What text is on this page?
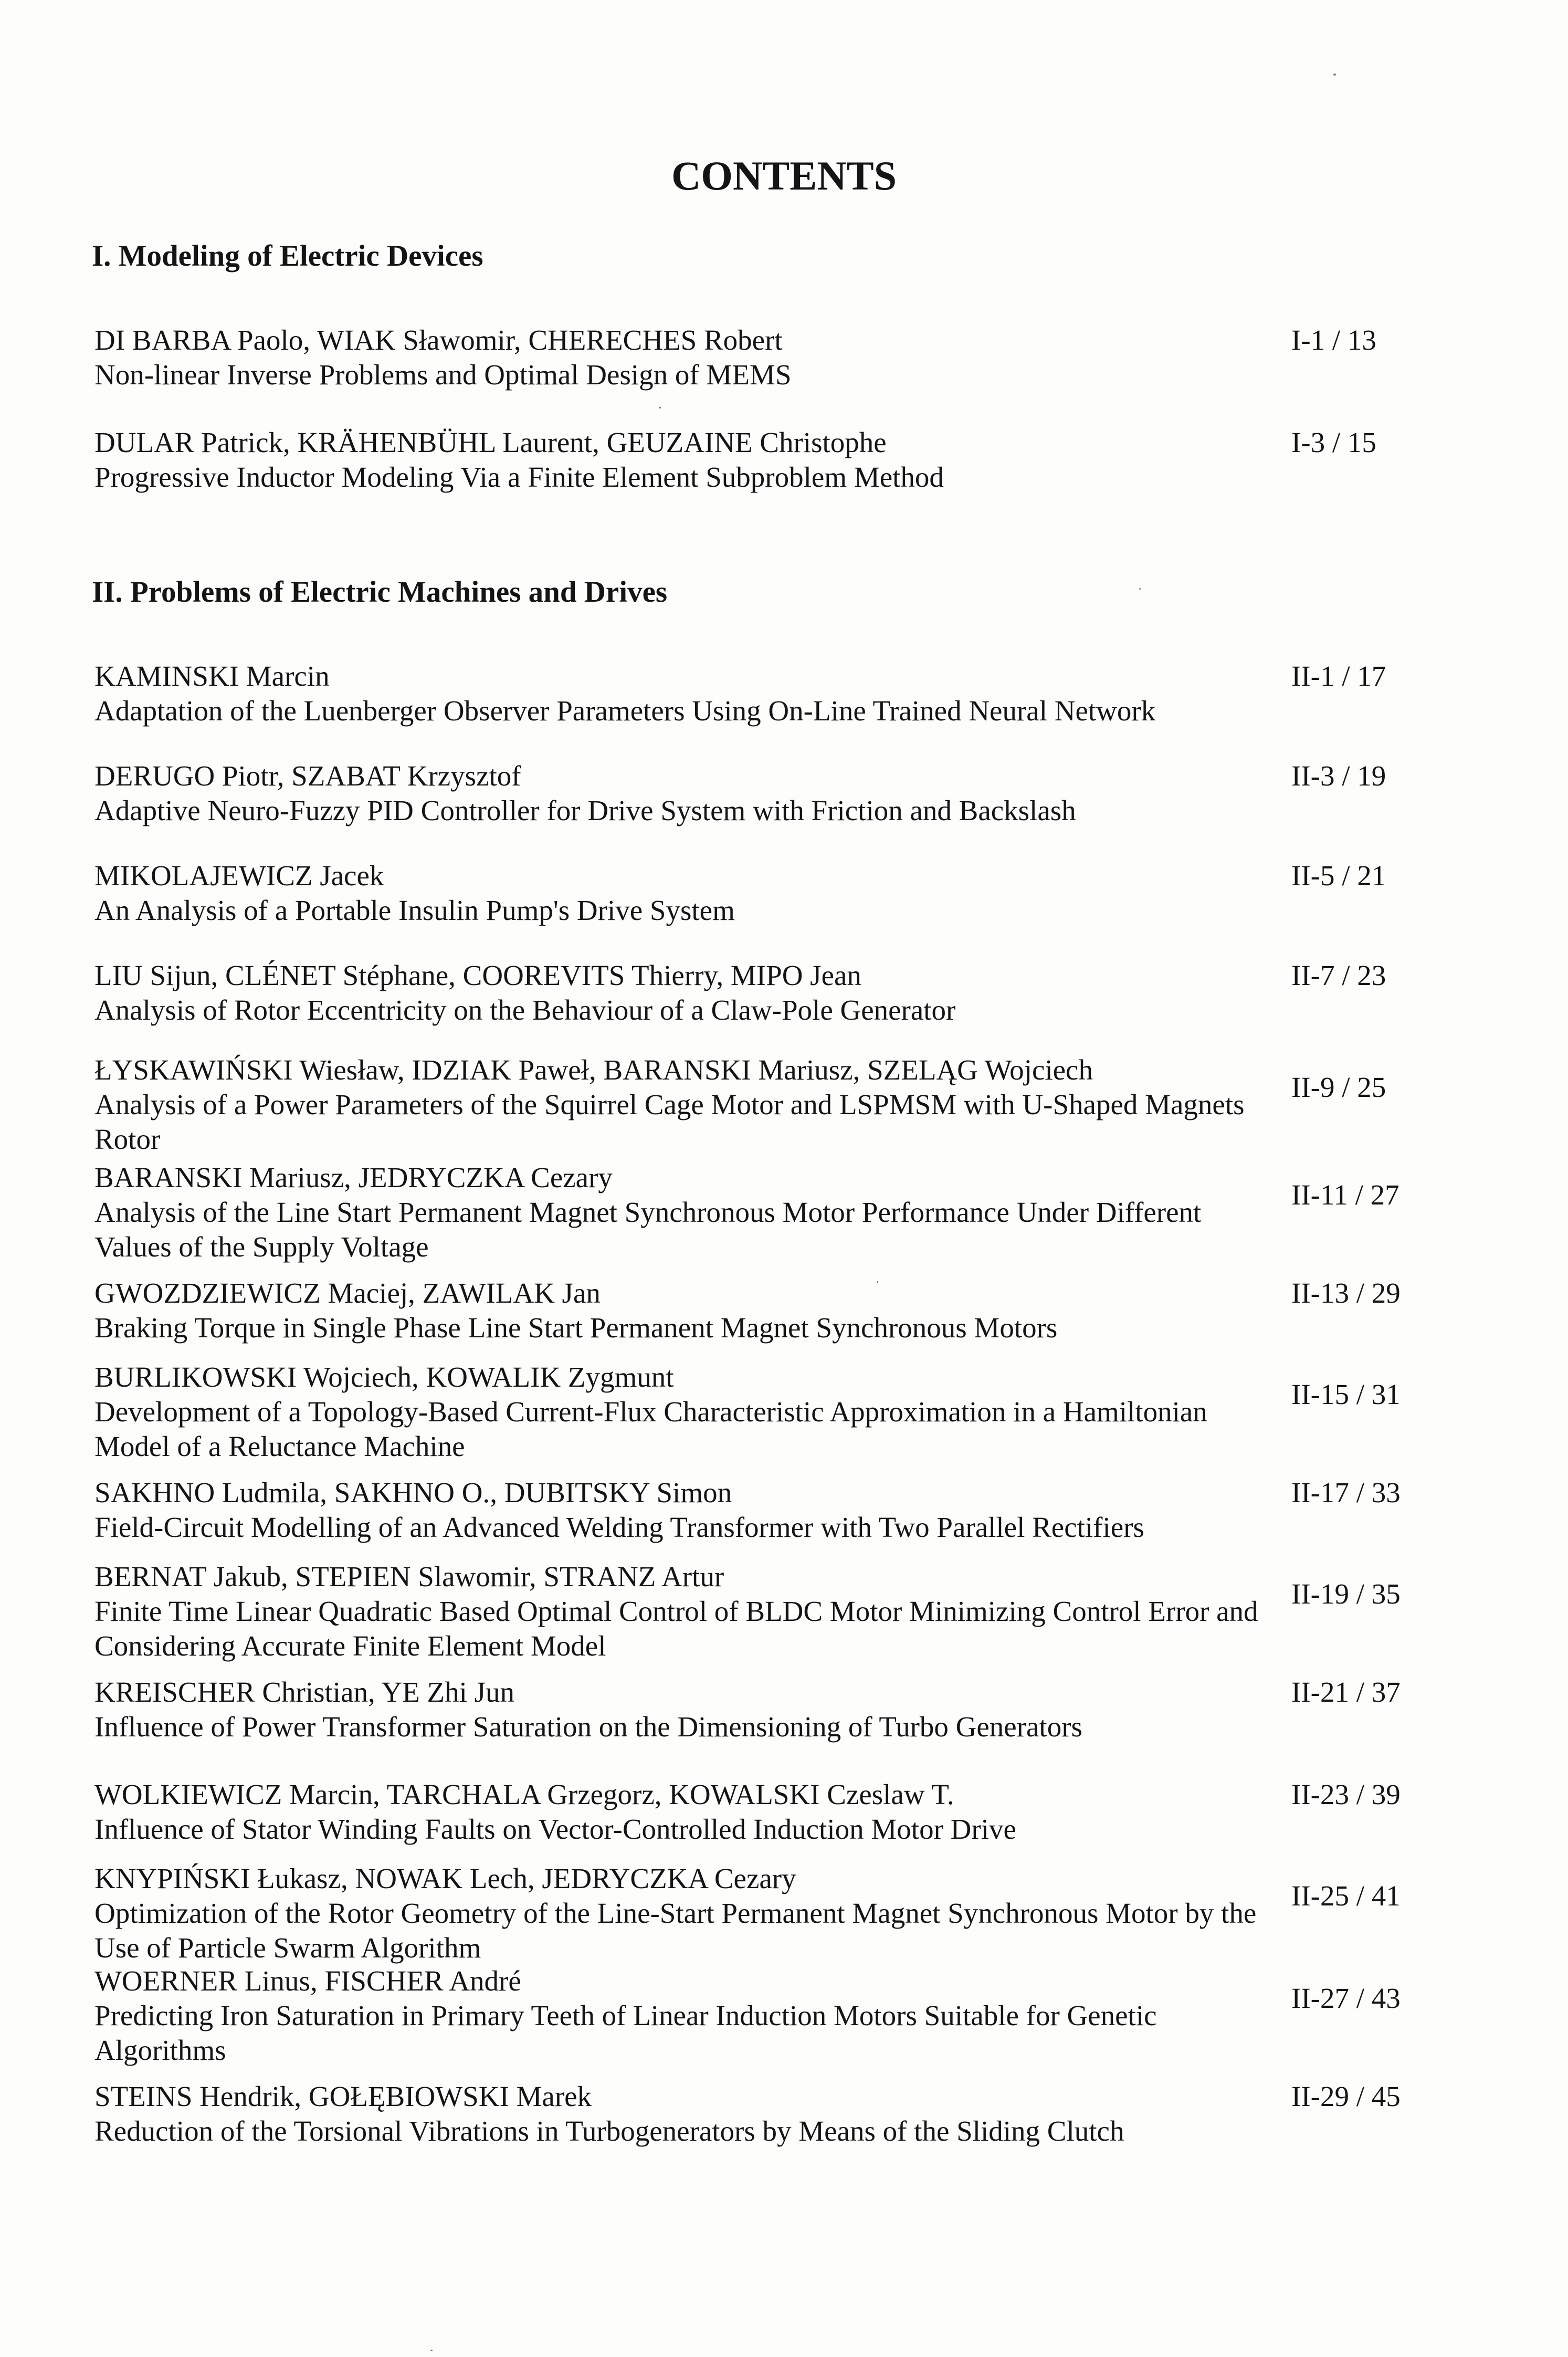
CONTENTS
I. Modeling of Electric Devices
DI BARBA Paolo, WIAK Sławomir, CHERECHES Robert
Non-linear Inverse Problems and Optimal Design of MEMS
I-1 / 13
DULAR Patrick, KRÄHENBÜHL Laurent, GEUZAINE Christophe
Progressive Inductor Modeling Via a Finite Element Subproblem Method
I-3 / 15
II. Problems of Electric Machines and Drives
KAMINSKI Marcin
Adaptation of the Luenberger Observer Parameters Using On-Line Trained Neural Network
II-1 / 17
DERUGO Piotr, SZABAT Krzysztof
Adaptive Neuro-Fuzzy PID Controller for Drive System with Friction and Backslash
II-3 / 19
MIKOLAJEWICZ Jacek
An Analysis of a Portable Insulin Pump's Drive System
II-5 / 21
LIU Sijun, CLÉNET Stéphane, COOREVITS Thierry, MIPO Jean
Analysis of Rotor Eccentricity on the Behaviour of a Claw-Pole Generator
II-7 / 23
ŁYSKAWIŃSKI Wiesław, IDZIAK Paweł, BARANSKI Mariusz, SZELĄG Wojciech
Analysis of a Power Parameters of the Squirrel Cage Motor and LSPMSM with U-Shaped Magnets Rotor
II-9 / 25
BARANSKI Mariusz, JEDRYCZKA Cezary
Analysis of the Line Start Permanent Magnet Synchronous Motor Performance Under Different Values of the Supply Voltage
II-11 / 27
GWOZDZIEWICZ Maciej, ZAWILAK Jan
Braking Torque in Single Phase Line Start Permanent Magnet Synchronous Motors
II-13 / 29
BURLIKOWSKI Wojciech, KOWALIK Zygmunt
Development of a Topology-Based Current-Flux Characteristic Approximation in a Hamiltonian Model of a Reluctance Machine
II-15 / 31
SAKHNO Ludmila, SAKHNO O., DUBITSKY Simon
Field-Circuit Modelling of an Advanced Welding Transformer with Two Parallel Rectifiers
II-17 / 33
BERNAT Jakub, STEPIEN Slawomir, STRANZ Artur
Finite Time Linear Quadratic Based Optimal Control of BLDC Motor Minimizing Control Error and Considering Accurate Finite Element Model
II-19 / 35
KREISCHER Christian, YE Zhi Jun
Influence of Power Transformer Saturation on the Dimensioning of Turbo Generators
II-21 / 37
WOLKIEWICZ Marcin, TARCHALA Grzegorz, KOWALSKI Czeslaw T.
Influence of Stator Winding Faults on Vector-Controlled Induction Motor Drive
II-23 / 39
KNYPIŃSKI Łukasz, NOWAK Lech, JEDRYCZKA Cezary
Optimization of the Rotor Geometry of the Line-Start Permanent Magnet Synchronous Motor by the Use of Particle Swarm Algorithm
II-25 / 41
WOERNER Linus, FISCHER André
Predicting Iron Saturation in Primary Teeth of Linear Induction Motors Suitable for Genetic Algorithms
II-27 / 43
STEINS Hendrik, GOŁĘBIOWSKI Marek
Reduction of the Torsional Vibrations in Turbogenerators by Means of the Sliding Clutch
II-29 / 45
